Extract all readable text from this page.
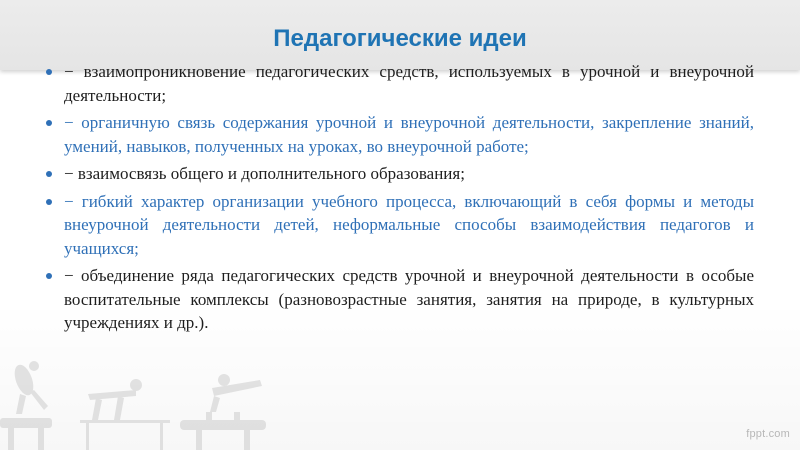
Педагогические идеи
− взаимопроникновение педагогических средств, используемых в урочной и внеурочной деятельности;
− органичную связь содержания урочной и внеурочной деятельности, закрепление знаний, умений, навыков, полученных на уроках, во внеурочной работе;
− взаимосвязь общего и дополнительного образования;
− гибкий характер организации учебного процесса, включающий в себя формы и методы внеурочной деятельности детей, неформальные способы взаимодействия педагогов и учащихся;
− объединение ряда педагогических средств урочной и внеурочной деятельности в особые воспитательные комплексы (разновозрастные занятия, занятия на природе, в культурных учреждениях и др.).
fppt.com
